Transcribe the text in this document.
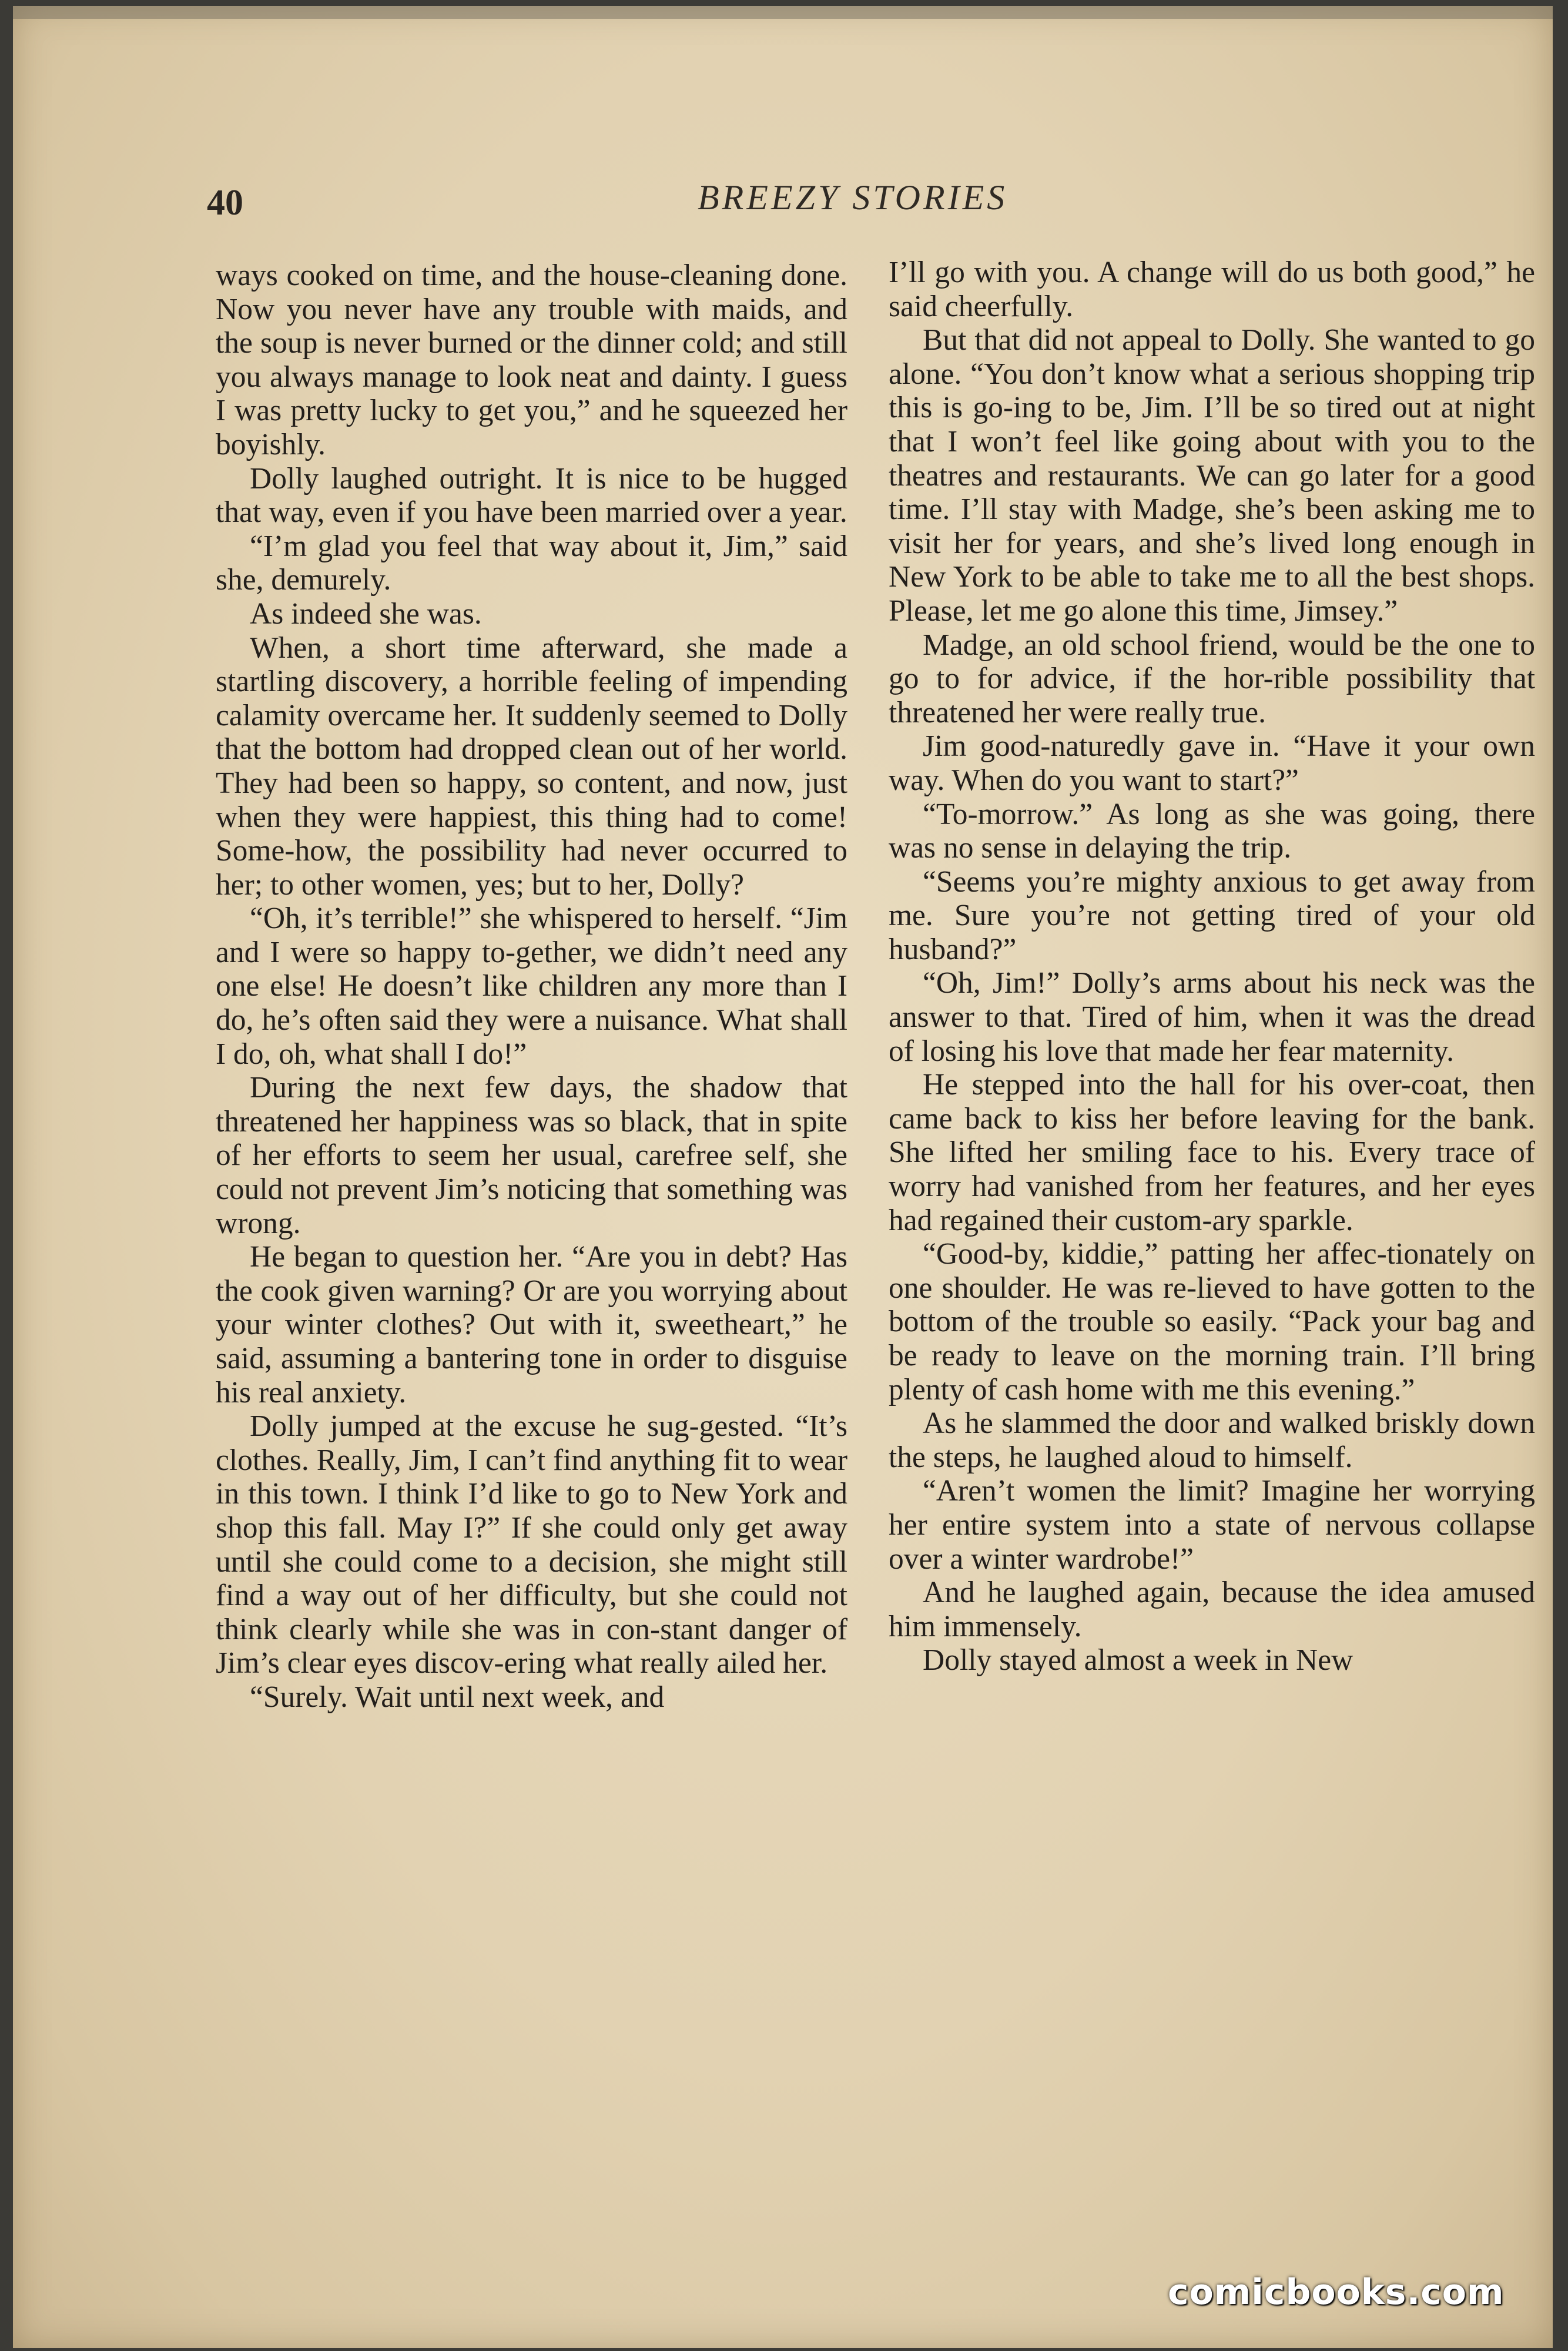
40	BREEZY STORIES

ways cooked on time, and the house-cleaning done. Now you never have any trouble with maids, and the soup is never burned or the dinner cold; and still you always manage to look neat and dainty. I guess I was pretty lucky to get you,” and he squeezed her boyishly.

Dolly laughed outright. It is nice to be hugged that way, even if you have been married over a year.

“I’m glad you feel that way about it, Jim,” said she, demurely.

As indeed she was.

When, a short time afterward, she made a startling discovery, a horrible feeling of impending calamity overcame her. It suddenly seemed to Dolly that the bottom had dropped clean out of her world. They had been so happy, so content, and now, just when they were happiest, this thing had to come! Some-how, the possibility had never occurred to her; to other women, yes; but to her, Dolly?

“Oh, it’s terrible!” she whispered to herself. “Jim and I were so happy to-gether, we didn’t need any one else! He doesn’t like children any more than I do, he’s often said they were a nuisance. What shall I do, oh, what shall I do!”

During the next few days, the shadow that threatened her happiness was so black, that in spite of her efforts to seem her usual, carefree self, she could not prevent Jim’s noticing that something was wrong.

He began to question her. “Are you in debt? Has the cook given warning? Or are you worrying about your winter clothes? Out with it, sweetheart,” he said, assuming a bantering tone in order to disguise his real anxiety.

Dolly jumped at the excuse he sug-gested. “It’s clothes. Really, Jim, I can’t find anything fit to wear in this town. I think I’d like to go to New York and shop this fall. May I?” If she could only get away until she could come to a decision, she might still find a way out of her difficulty, but she could not think clearly while she was in con-stant danger of Jim’s clear eyes discov-ering what really ailed her.

“Surely. Wait until next week, and

I’ll go with you. A change will do us both good,” he said cheerfully.

But that did not appeal to Dolly. She wanted to go alone. “You don’t know what a serious shopping trip this is go-ing to be, Jim. I’ll be so tired out at night that I won’t feel like going about with you to the theatres and restaurants. We can go later for a good time. I’ll stay with Madge, she’s been asking me to visit her for years, and she’s lived long enough in New York to be able to take me to all the best shops. Please, let me go alone this time, Jimsey.”

Madge, an old school friend, would be the one to go to for advice, if the hor-rible possibility that threatened her were really true.

Jim good-naturedly gave in. “Have it your own way. When do you want to start?”

“To-morrow.” As long as she was going, there was no sense in delaying the trip.

“Seems you’re mighty anxious to get away from me. Sure you’re not getting tired of your old husband?”

“Oh, Jim!” Dolly’s arms about his neck was the answer to that. Tired of him, when it was the dread of losing his love that made her fear maternity.

He stepped into the hall for his over-coat, then came back to kiss her before leaving for the bank. She lifted her smiling face to his. Every trace of worry had vanished from her features, and her eyes had regained their custom-ary sparkle.

“Good-by, kiddie,” patting her affec-tionately on one shoulder. He was re-lieved to have gotten to the bottom of the trouble so easily. “Pack your bag and be ready to leave on the morning train. I’ll bring plenty of cash home with me this evening.”

As he slammed the door and walked briskly down the steps, he laughed aloud to himself.

“Aren’t women the limit? Imagine her worrying her entire system into a state of nervous collapse over a winter wardrobe!”

And he laughed again, because the idea amused him immensely.

Dolly stayed almost a week in New

comicbooks.com
